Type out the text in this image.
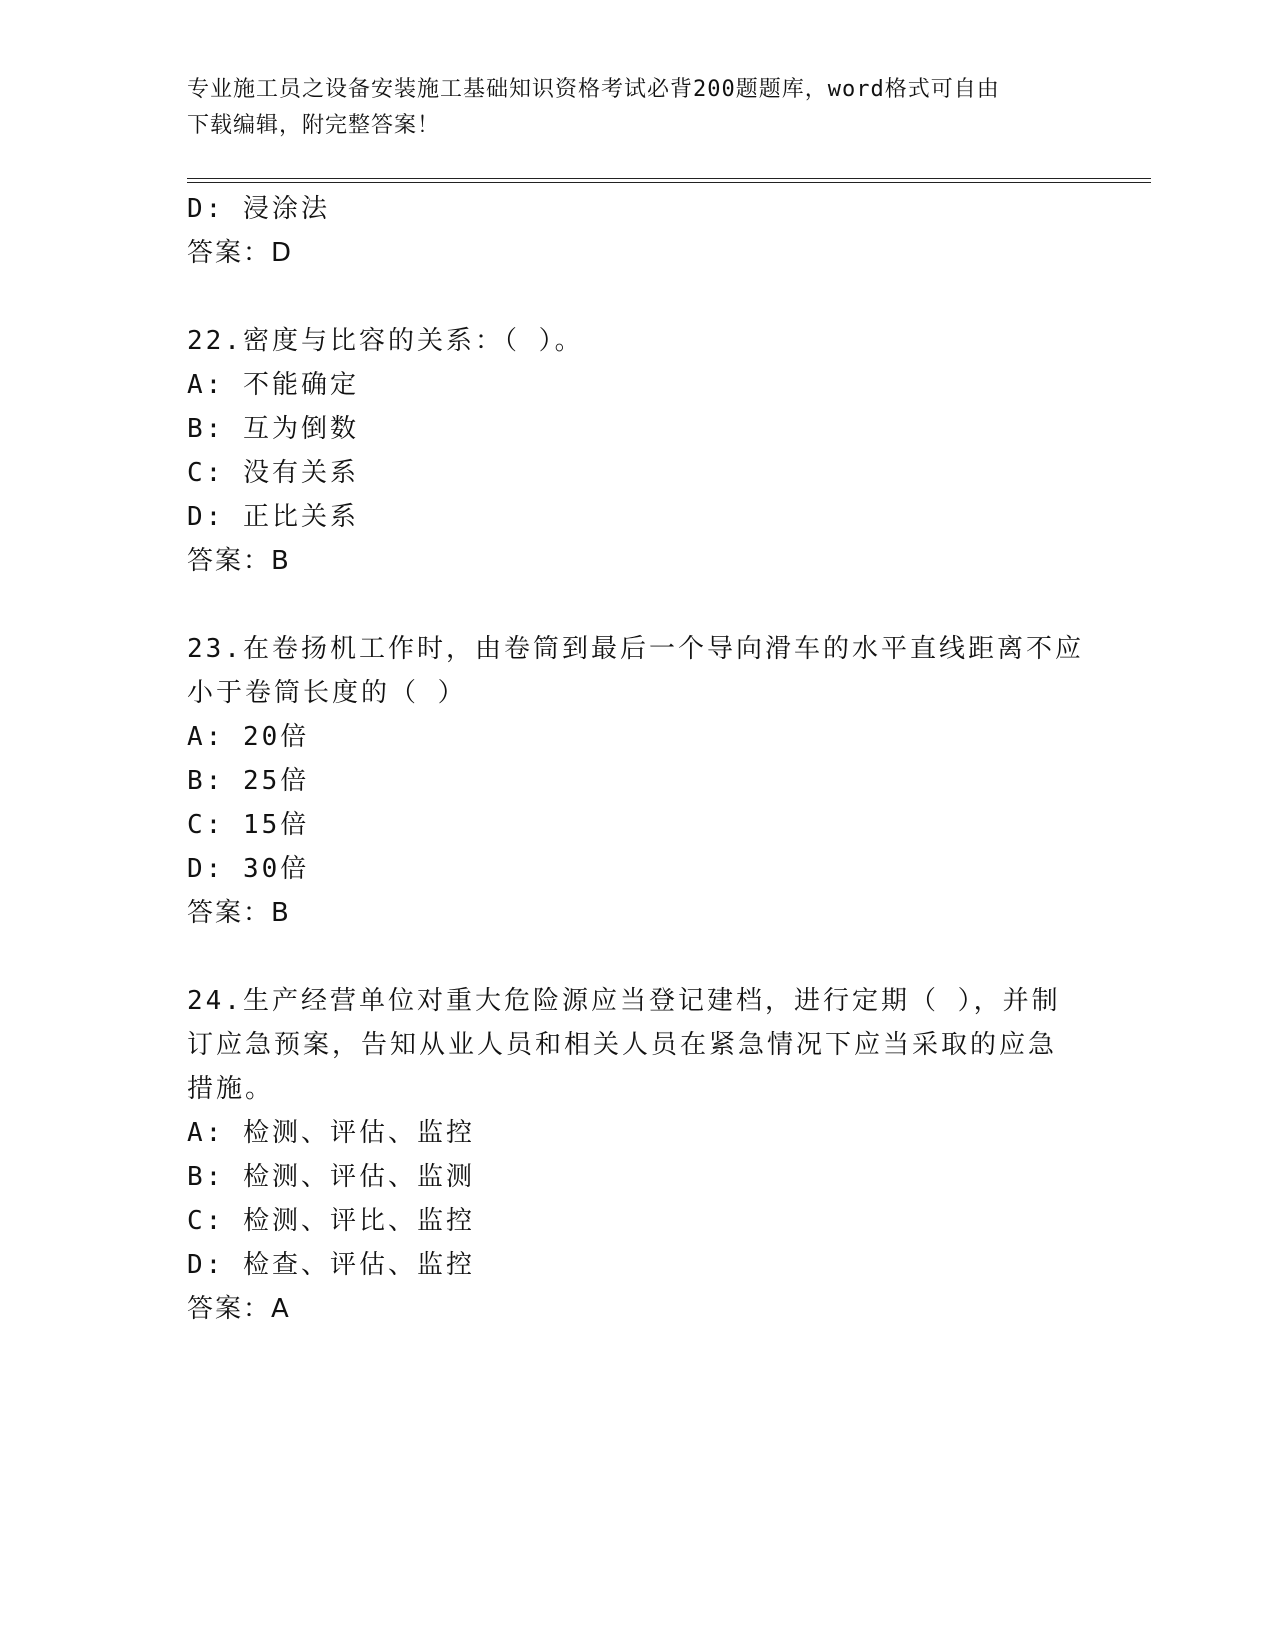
专业施工员之设备安装施工基础知识资格考试必背200题题库，word格式可自由
下载编辑，附完整答案！
D: 浸涂法
答案：D
22.密度与比容的关系：（ ）。
A: 不能确定
B: 互为倒数
C: 没有关系
D: 正比关系
答案：B
23.在卷扬机工作时，由卷筒到最后一个导向滑车的水平直线距离不应
小于卷筒长度的（ ）
A: 20倍
B: 25倍
C: 15倍
D: 30倍
答案：B
24.生产经营单位对重大危险源应当登记建档，进行定期（ ），并制
订应急预案，告知从业人员和相关人员在紧急情况下应当采取的应急
措施。
A: 检测、评估、监控
B: 检测、评估、监测
C: 检测、评比、监控
D: 检查、评估、监控
答案：A
